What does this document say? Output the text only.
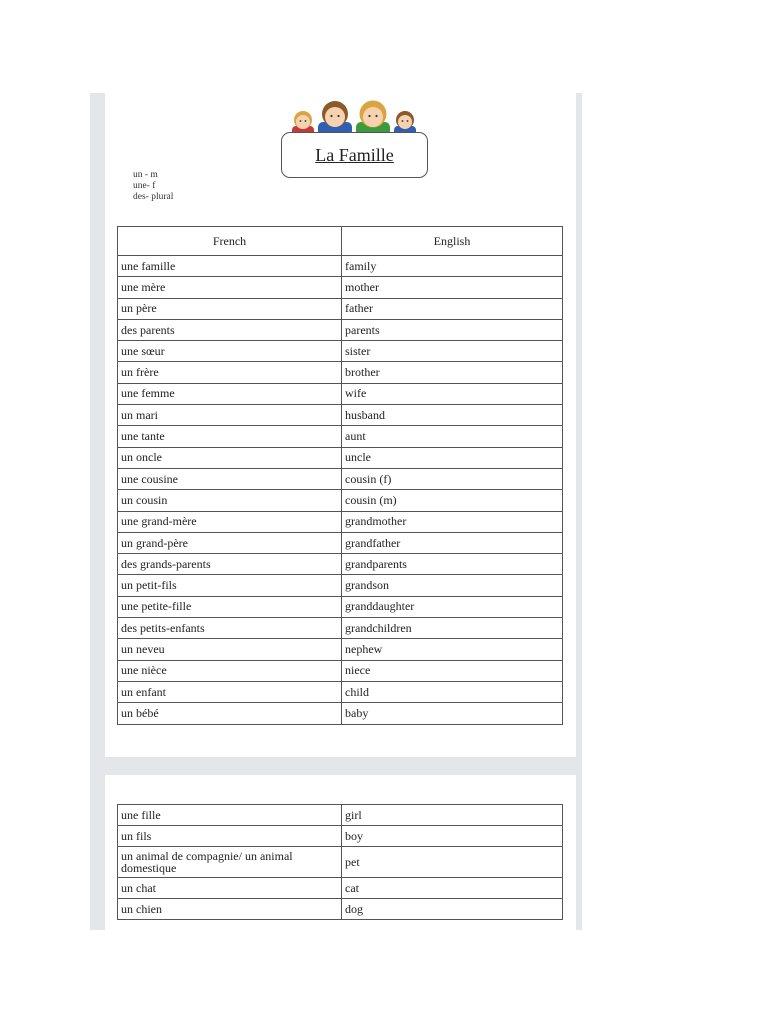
La Famille
un - m
une- f
des- plural
French	English
une famille	family
une mère	mother
un père	father
des parents	parents
une sœur	sister
un frère	brother
une femme	wife
un mari	husband
une tante	aunt
un oncle	uncle
une cousine	cousin (f)
un cousin	cousin (m)
une grand-mère	grandmother
un grand-père	grandfather
des grands-parents	grandparents
un petit-fils	grandson
une petite-fille	granddaughter
des petits-enfants	grandchildren
un neveu	nephew
une nièce	niece
un enfant	child
un bébé	baby
une fille	girl
un fils	boy
un animal de compagnie/ un animal domestique	pet
un chat	cat
un chien	dog
